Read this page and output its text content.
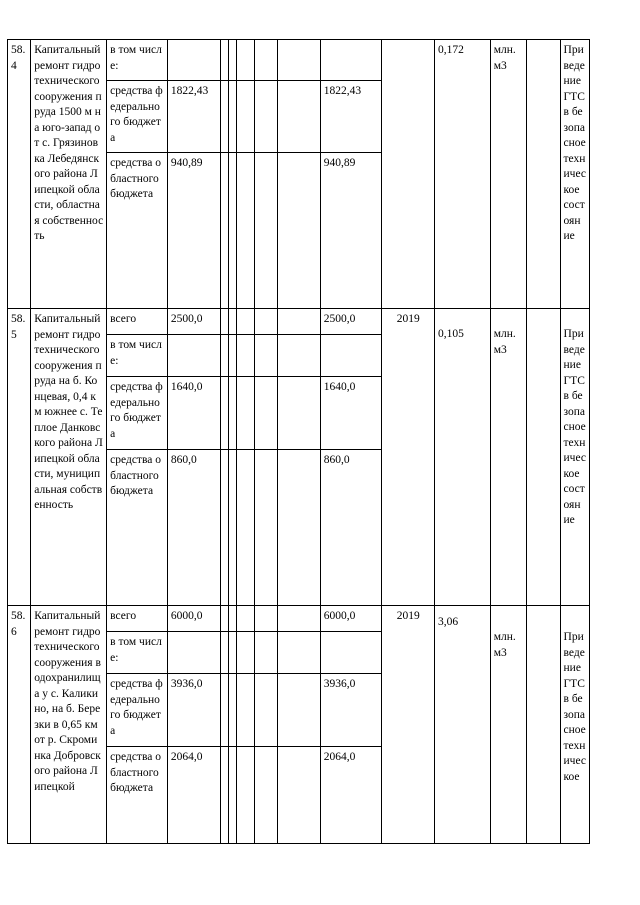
58.4	Капитальный ремонт гидротехнического сооружения пруда 1500 м на юго-запад от с. Грязиновка Лебедянского района Липецкой области, областная собственность	в том числе:									0,172	млн. м3		Приведение ГТС в безопасное техническое состояние
		средства федерального бюджета	1822,43						1822,43					
		средства областного бюджета	940,89						940,89					
58.5	Капитальный ремонт гидротехнического сооружения пруда на б. Концевая, 0,4 км южнее с. Теплое Данковского района Липецкой области, муниципальная собственность	всего	2500,0						2500,0	2019	0,105	млн. м3		Приведение ГТС в безопасное техническое состояние
		в том числе:												
		средства федерального бюджета	1640,0						1640,0					
		средства областного бюджета	860,0						860,0					
58.6	Капитальный ремонт гидротехнического сооружения водохранилища у с. Каликино, на б. Березки в 0,65 км от р. Скроминка Добровского района Липецкой	всего	6000,0						6000,0	2019	3,06	млн. м3		Приведение ГТС в безопасное техническое
		в том числе:												
		средства федерального бюджета	3936,0						3936,0					
		средства областного бюджета	2064,0						2064,0					
